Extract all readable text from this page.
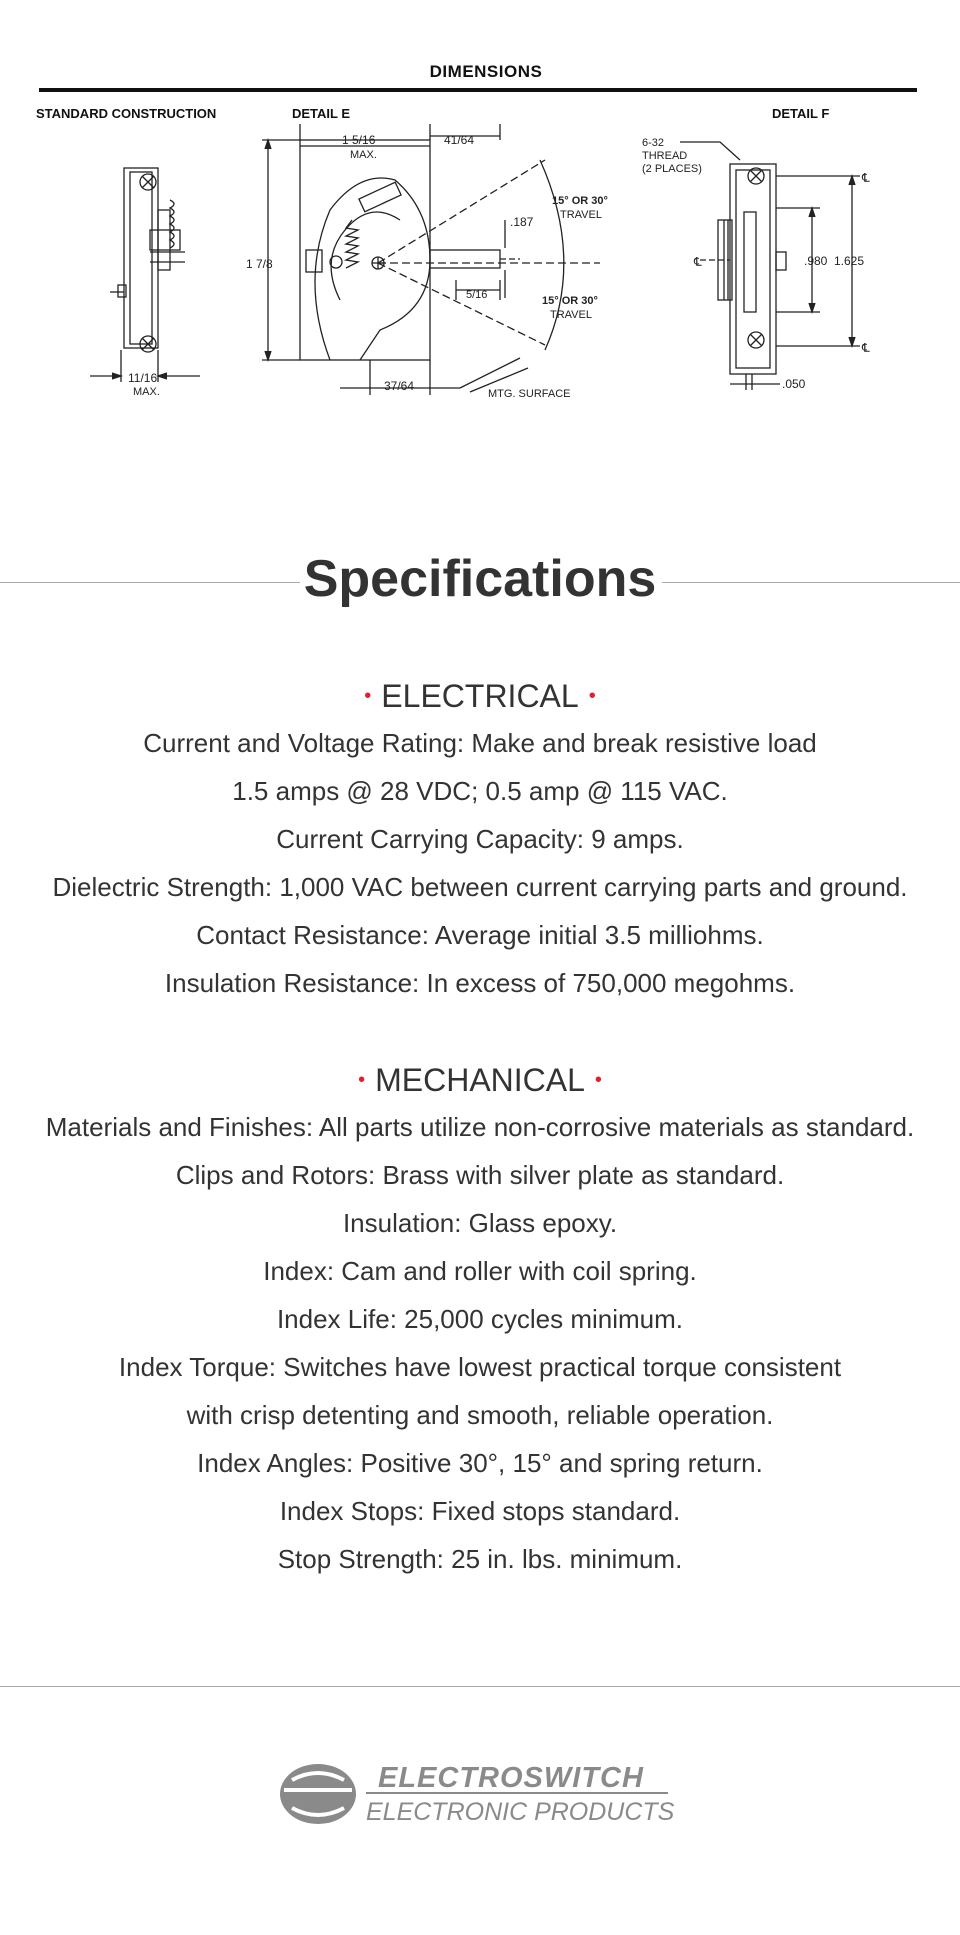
DIMENSIONS
STANDARD CONSTRUCTION	DETAIL E	DETAIL F
11/16
MAX.
1 5/16
MAX.
41/64
1 7/8
15° OR 30°
TRAVEL
.187
5/16	15° OR 30°
TRAVEL
37/64
MTG. SURFACE
6-32
THREAD
(2 PLACES)
℄
℄
℄
.980 1.625
.050
Specifications
• ELECTRICAL •
Current and Voltage Rating: Make and break resistive load
1.5 amps @ 28 VDC; 0.5 amp @ 115 VAC.
Current Carrying Capacity: 9 amps.
Dielectric Strength: 1,000 VAC between current carrying parts and ground.
Contact Resistance: Average initial 3.5 milliohms.
Insulation Resistance: In excess of 750,000 megohms.
• MECHANICAL •
Materials and Finishes: All parts utilize non-corrosive materials as standard.
Clips and Rotors: Brass with silver plate as standard.
Insulation: Glass epoxy.
Index: Cam and roller with coil spring.
Index Life: 25,000 cycles minimum.
Index Torque: Switches have lowest practical torque consistent
with crisp detenting and smooth, reliable operation.
Index Angles: Positive 30°, 15° and spring return.
Index Stops: Fixed stops standard.
Stop Strength: 25 in. lbs. minimum.
ELECTROSWITCH
ELECTRONIC PRODUCTS
